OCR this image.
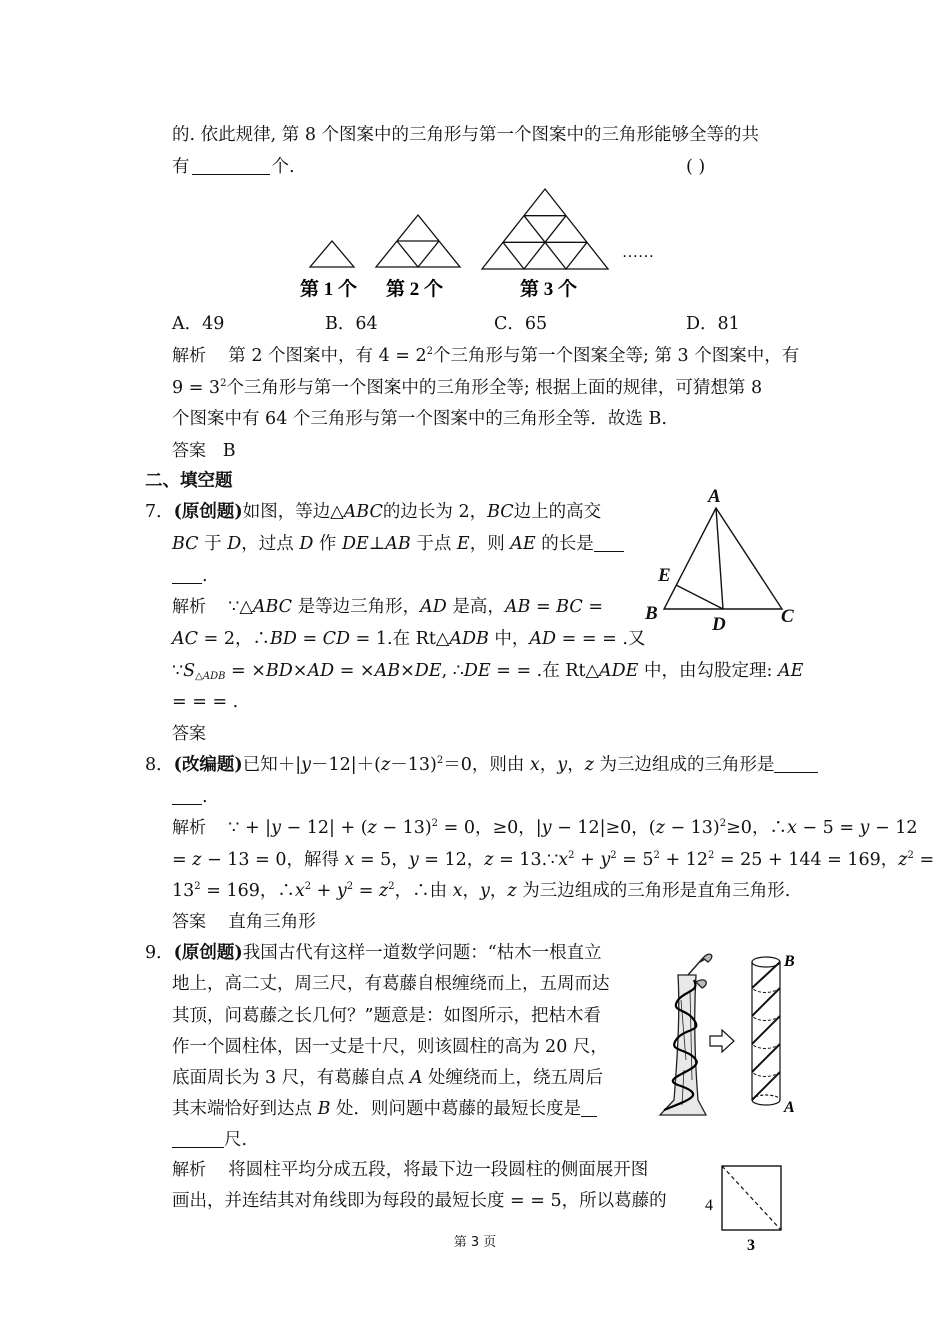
的. 依此规律, 第 8 个图案中的三角形与第一个图案中的三角形能够全等的共
有	个.	( )
……
第 1 个 第 2 个	第 3 个
A．49	B．64	C．65	D．81
解析 第 2 个图案中，有 $4 = 2^2$个三角形与第一个图案全等; 第 3 个图案中，有
$9 = 3^2$个三角形与第一个图案中的三角形全等; 根据上面的规律，可猜想第 8
个图案中有 64 个三角形与第一个图案中的三角形全等．故选 B.
答案 B
二、填空题
7．(原创题)如图，等边△ABC的边长为 2，BC边上的高交
BC 于 D，过点 D 作 DE⊥AB 于点 E，则 AE 的长是
.
A
B	C
D
E
解析    ∵△ABC 是等边三角形，AD 是高，AB = BC =
AC = 2，∴BD = CD = 1.在 Rt△ADB 中，AD = = = .又
$\because S_{\triangle ADB} = \times BD\times AD = \times AB\times DE$, ∴DE = = .在 Rt△ADE 中，由勾股定理: AE
= = = .
答案
8．(改编题)已知$+|y-12|+(z-13)^2=0$，则由 x，y，z 为三边组成的三角形是
.
解析    ∵ + $|y - 12| + (z - 13)^2 = 0$，≥0，|y − 12|≥0，$(z - 13)^2\ge 0$，∴x − 5 = y − 12
= z − 13 = 0，解得 x = 5，y = 12，$z = 13.\because x^2 + y^2 = 5^2 + 12^2 = 25 + 144 = 169$，$z^2$ =
$13^2 = 169$，$\therefore x^2 + y^2 = z^2$，∴由 x，y，z 为三边组成的三角形是直角三角形.
答案 直角三角形
9．(原创题)我国古代有这样一道数学问题：“枯木一根直立
地上，高二丈，周三尺，有葛藤自根缠绕而上，五周而达
其顶，问葛藤之长几何？”题意是：如图所示，把枯木看
作一个圆柱体，因一丈是十尺，则该圆柱的高为 20 尺，
底面周长为 3 尺，有葛藤自点 A 处缠绕而上，绕五周后
其末端恰好到达点 B 处．则问题中葛藤的最短长度是
尺.
B
A
解析 将圆柱平均分成五段，将最下边一段圆柱的侧面展开图
画出，并连结其对角线即为每段的最短长度 = = 5，所以葛藤的 4
3
第 3 页
